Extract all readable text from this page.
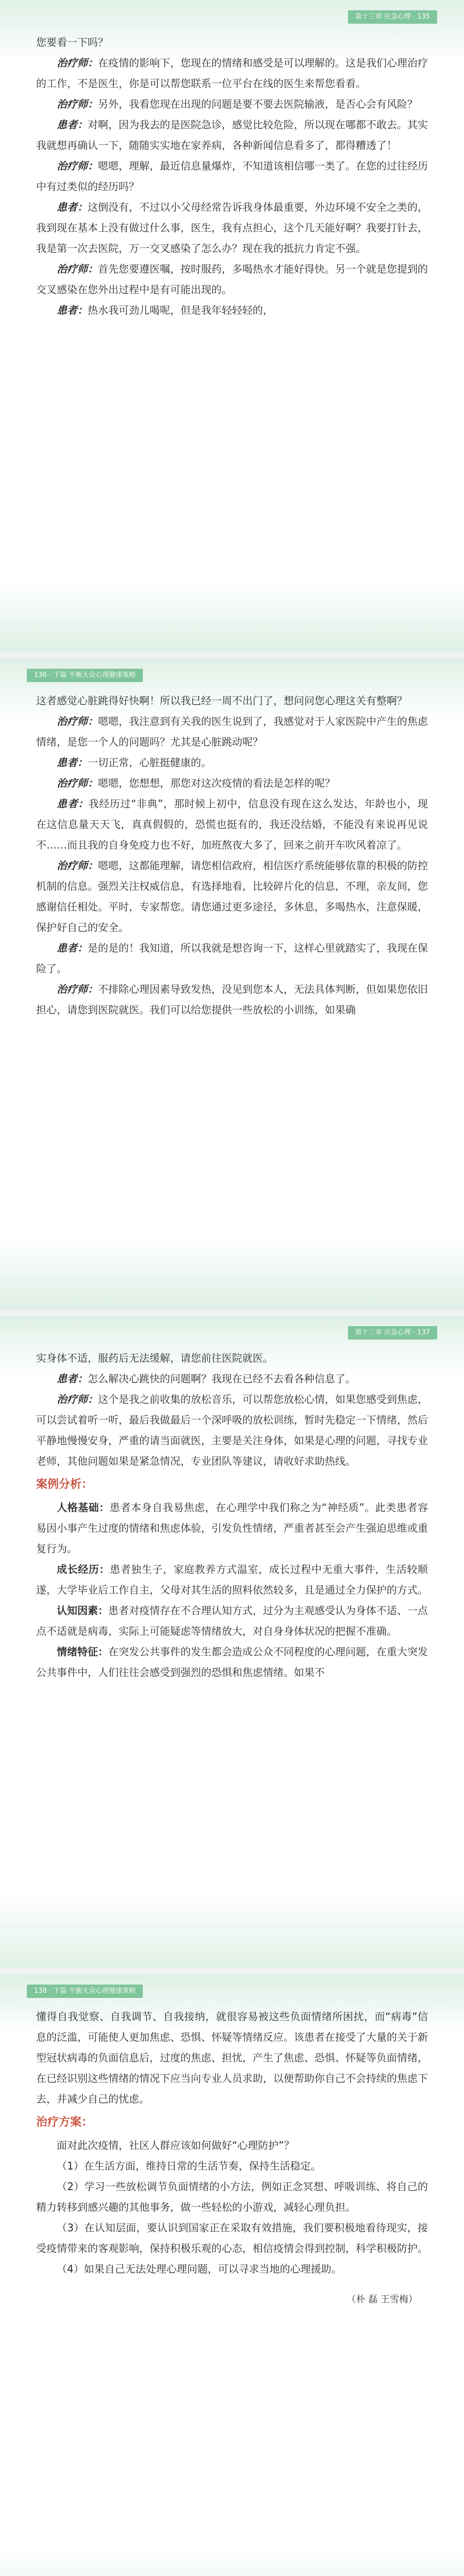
第十三章 应急心理 · 135

您要看一下吗？

治疗师：在疫情的影响下，您现在的情绪和感受是可以理解的。这是我们心理治疗的工作，不是医生，你是可以帮您联系一位平台在线的医生来帮您看看。

治疗师：另外，我看您现在出现的问题是要不要去医院输液，是否心会有风险？

患者：对啊，因为我去的是医院急诊，感觉比较危险，所以现在哪都不敢去。其实我就想再确认一下，随随实实地在家养病，各种新闻信息看多了，都得糟透了！

治疗师：嗯嗯，理解，最近信息量爆炸，不知道该相信哪一类了。在您的过往经历中有过类似的经历吗？

患者：这倒没有，不过以小父母经常告诉我身体最重要，外边环境不安全之类的，我到现在基本上没有做过什么事，医生，我有点担心，这个几天能好啊？我要打针去，我是第一次去医院，万一交叉感染了怎么办？现在我的抵抗力肯定不强。

治疗师：首先您要遵医嘱，按时服药，多喝热水才能好得快。另一个就是您提到的交叉感染在您外出过程中是有可能出现的。

患者：热水我可劲儿喝呢，但是我年轻轻轻的，

136 · 下篇 平衡大众心理健康策略

这者感觉心脏跳得好快啊！所以我已经一周不出门了，想问问您心理这关有整啊？

治疗师：嗯嗯，我注意到有关我的医生说到了，我感觉对于人家医院中产生的焦虑情绪，是您一个人的问题吗？尤其是心脏跳动呢？

患者：一切正常，心脏挺健康的。

治疗师：嗯嗯，您想想，那您对这次疫情的看法是怎样的呢？

患者：我经历过“非典”，那时候上初中，信息没有现在这么发达，年龄也小，现在这信息量天天飞，真真假假的，恐慌也挺有的，我还没结婚，不能没有来说再见说不……而且我的自身免疫力也不好，加班熬夜大多了，回来之前开车吹风着凉了。

治疗师：嗯嗯，这都能理解，请您相信政府，相信医疗系统能够依靠的积极的防控机制的信息。强烈关注权威信息，有选择地看，比较碎片化的信息，不理，亲友间，您感谢信任相处。平时，专家帮您。请您通过更多途径，多休息，多喝热水，注意保暖，保护好自己的安全。

患者：是的是的！我知道，所以我就是想咨询一下，这样心里就踏实了，我现在保险了。

治疗师：不排除心理因素导致发热，没见到您本人，无法具体判断，但如果您依旧担心，请您到医院就医。我们可以给您提供一些放松的小训练，如果确

第十三章 应急心理 · 137

实身体不适，服药后无法缓解，请您前往医院就医。

患者：怎么解决心跳快的问题啊？我现在已经不去看各种信息了。

治疗师：这个是我之前收集的放松音乐，可以帮您放松心情，如果您感受到焦虑，可以尝试着听一听，最后我做最后一个深呼吸的放松训练，暂时先稳定一下情绪，然后平静地慢慢安身，严重的请当面就医，主要是关注身体，如果是心理的问题，寻找专业老师，其他问题如果是紧急情况，专业团队等建议，请收好求助热线。

案例分析：

人格基础：患者本身自我易焦虑，在心理学中我们称之为“神经质”。此类患者容易因小事产生过度的情绪和焦虑体验，引发负性情绪，严重者甚至会产生强迫思维或重复行为。

成长经历：患者独生子，家庭教养方式温室，成长过程中无重大事件，生活较顺遂，大学毕业后工作自主，父母对其生活的照料依然较多，且是通过全力保护的方式。

认知因素：患者对疫情存在不合理认知方式，过分为主观感受认为身体不适、一点点不适就是病毒，实际上可能疑虑等情绪放大，对自身身体状况的把握不准确。

情绪特征：在突发公共事件的发生都会造成公众不同程度的心理问题，在重大突发公共事件中，人们往往会感受到强烈的恐惧和焦虑情绪。如果不

138 · 下篇 平衡大众心理健康策略

懂得自我觉察、自我调节、自我接纳，就很容易被这些负面情绪所困扰，而“病毒”信息的泛滥，可能使人更加焦虑、恐惧、怀疑等情绪反应。该患者在接受了大量的关于新型冠状病毒的负面信息后，过度的焦虑、担忧，产生了焦虑、恐惧、怀疑等负面情绪，在已经识别这些情绪的情况下应当向专业人员求助，以便帮助你自己不会持续的焦虑下去，并减少自己的忧虑。

治疗方案：

面对此次疫情，社区人群应该如何做好“心理防护”？

（1）在生活方面，维持日常的生活节奏，保持生活稳定。

（2）学习一些放松调节负面情绪的小方法，例如正念冥想、呼吸训练、将自己的精力转移到感兴趣的其他事务，做一些轻松的小游戏，减轻心理负担。

（3）在认知层面，要认识到国家正在采取有效措施，我们要积极地看待现实，接受疫情带来的客观影响，保持积极乐观的心态，相信疫情会得到控制，科学积极防护。

（4）如果自己无法处理心理问题，可以寻求当地的心理援助。

（朴 磊 王雪梅）
